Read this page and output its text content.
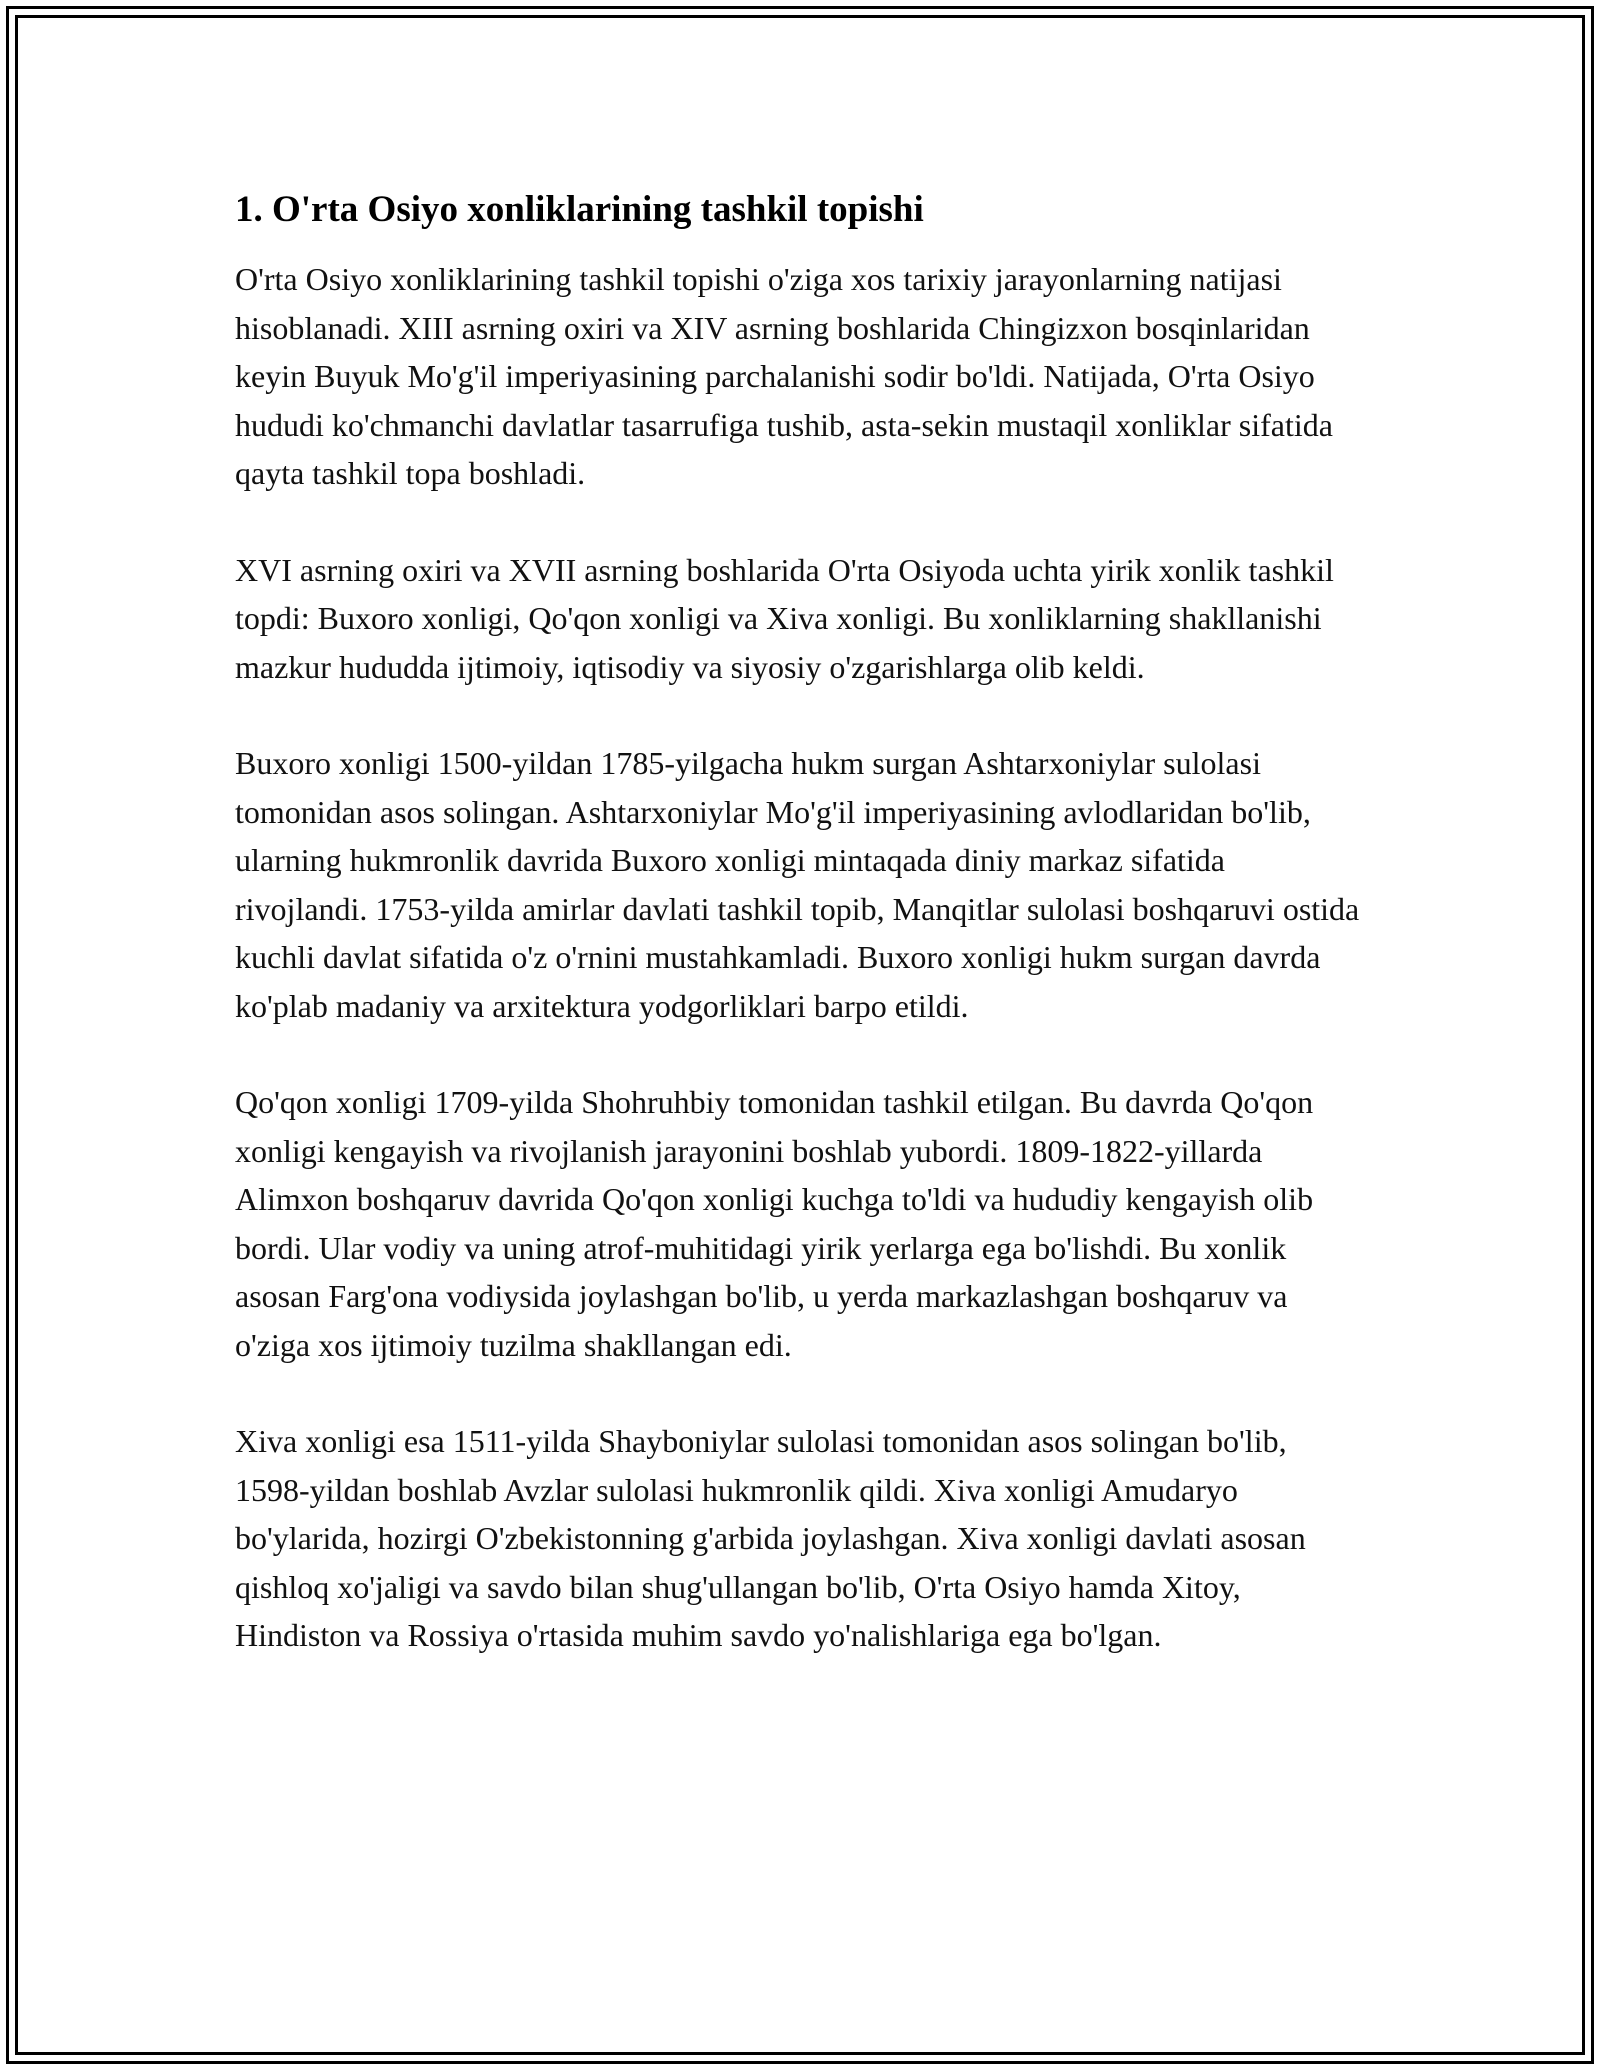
1. O'rta Osiyo xonliklarining tashkil topishi

O'rta Osiyo xonliklarining tashkil topishi o'ziga xos tarixiy jarayonlarning natijasi hisoblanadi. XIII asrning oxiri va XIV asrning boshlarida Chingizxon bosqinlaridan keyin Buyuk Mo'g'il imperiyasining parchalanishi sodir bo'ldi. Natijada, O'rta Osiyo hududi ko'chmanchi davlatlar tasarrufiga tushib, asta-sekin mustaqil xonliklar sifatida qayta tashkil topa boshladi.

XVI asrning oxiri va XVII asrning boshlarida O'rta Osiyoda uchta yirik xonlik tashkil topdi: Buxoro xonligi, Qo'qon xonligi va Xiva xonligi. Bu xonliklarning shakllanishi mazkur hududda ijtimoiy, iqtisodiy va siyosiy o'zgarishlarga olib keldi.

Buxoro xonligi 1500-yildan 1785-yilgacha hukm surgan Ashtarxoniylar sulolasi tomonidan asos solingan. Ashtarxoniylar Mo'g'il imperiyasining avlodlaridan bo'lib, ularning hukmronlik davrida Buxoro xonligi mintaqada diniy markaz sifatida rivojlandi. 1753-yilda amirlar davlati tashkil topib, Manqitlar sulolasi boshqaruvi ostida kuchli davlat sifatida o'z o'rnini mustahkamladi. Buxoro xonligi hukm surgan davrda ko'plab madaniy va arxitektura yodgorliklari barpo etildi.

Qo'qon xonligi 1709-yilda Shohruhbiy tomonidan tashkil etilgan. Bu davrda Qo'qon xonligi kengayish va rivojlanish jarayonini boshlab yubordi. 1809-1822-yillarda Alimxon boshqaruv davrida Qo'qon xonligi kuchga to'ldi va hududiy kengayish olib bordi. Ular vodiy va uning atrof-muhitidagi yirik yerlarga ega bo'lishdi. Bu xonlik asosan Farg'ona vodiysida joylashgan bo'lib, u yerda markazlashgan boshqaruv va o'ziga xos ijtimoiy tuzilma shakllangan edi.

Xiva xonligi esa 1511-yilda Shayboniylar sulolasi tomonidan asos solingan bo'lib, 1598-yildan boshlab Avzlar sulolasi hukmronlik qildi. Xiva xonligi Amudaryo bo'ylarida, hozirgi O'zbekistonning g'arbida joylashgan. Xiva xonligi davlati asosan qishloq xo'jaligi va savdo bilan shug'ullangan bo'lib, O'rta Osiyo hamda Xitoy, Hindiston va Rossiya o'rtasida muhim savdo yo'nalishlariga ega bo'lgan.
